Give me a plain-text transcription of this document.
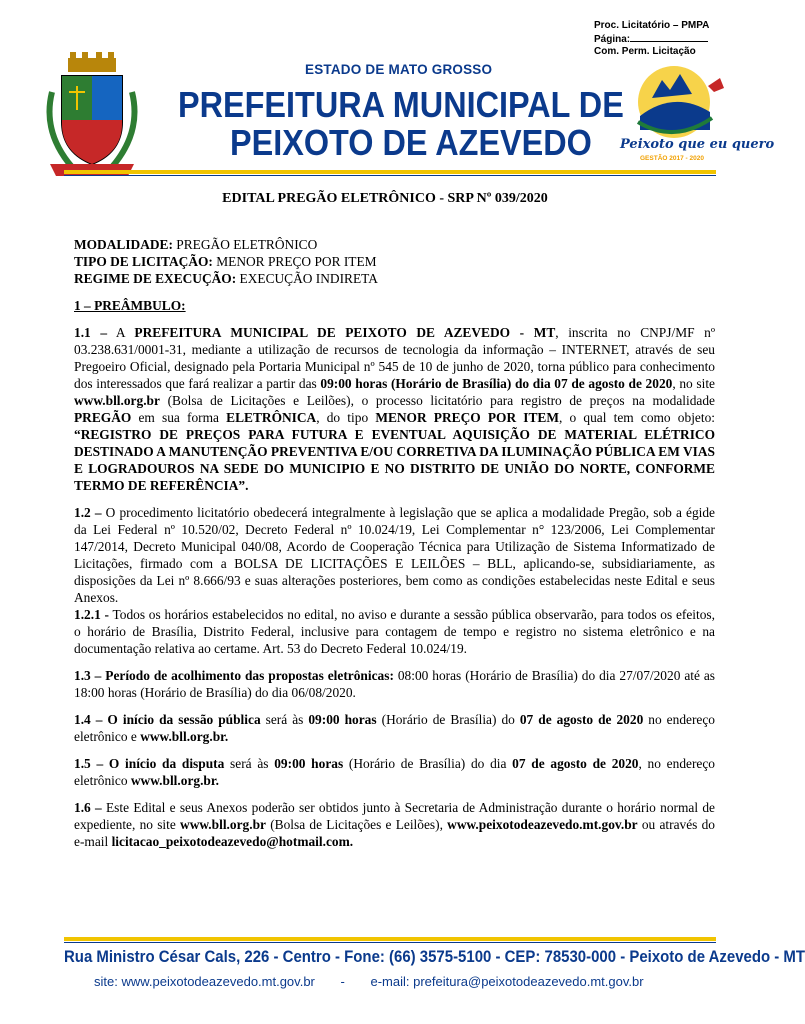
Proc. Licitatório – PMPA
Página:
Com. Perm. Licitação
Peixoto que eu quero
GESTÃO 2017 - 2020
ESTADO DE MATO GROSSO
PREFEITURA MUNICIPAL DE
PEIXOTO DE AZEVEDO
EDITAL PREGÃO ELETRÔNICO - SRP Nº 039/2020

MODALIDADE: PREGÃO ELETRÔNICO

TIPO DE LICITAÇÃO: MENOR PREÇO POR ITEM

REGIME DE EXECUÇÃO: EXECUÇÃO INDIRETA

1 – PREÂMBULO:

1.1 – A PREFEITURA MUNICIPAL DE PEIXOTO DE AZEVEDO - MT, inscrita no CNPJ/MF nº 03.238.631/0001-31, mediante a utilização de recursos de tecnologia da informação – INTERNET, através de seu Pregoeiro Oficial, designado pela Portaria Municipal nº 545 de 10 de junho de 2020, torna público para conhecimento dos interessados que fará realizar a partir das 09:00 horas (Horário de Brasília) do dia 07 de agosto de 2020, no site www.bll.org.br (Bolsa de Licitações e Leilões), o processo licitatório para registro de preços na modalidade PREGÃO em sua forma ELETRÔNICA, do tipo MENOR PREÇO POR ITEM, o qual tem como objeto: “REGISTRO DE PREÇOS PARA FUTURA E EVENTUAL AQUISIÇÃO DE MATERIAL ELÉTRICO DESTINADO A MANUTENÇÃO PREVENTIVA E/OU CORRETIVA DA ILUMINAÇÃO PÚBLICA EM VIAS E LOGRADOUROS NA SEDE DO MUNICIPIO E NO DISTRITO DE UNIÃO DO NORTE, CONFORME TERMO DE REFERÊNCIA”.

1.2 – O procedimento licitatório obedecerá integralmente à legislação que se aplica a modalidade Pregão, sob a égide da Lei Federal nº 10.520/02, Decreto Federal nº 10.024/19, Lei Complementar n° 123/2006, Lei Complementar 147/2014, Decreto Municipal 040/08, Acordo de Cooperação Técnica para Utilização de Sistema Informatizado de Licitações, firmado com a BOLSA DE LICITAÇÕES E LEILÕES – BLL, aplicando-se, subsidiariamente, as disposições da Lei nº 8.666/93 e suas alterações posteriores, bem como as condições estabelecidas neste Edital e seus Anexos.

1.2.1 - Todos os horários estabelecidos no edital, no aviso e durante a sessão pública observarão, para todos os efeitos, o horário de Brasília, Distrito Federal, inclusive para contagem de tempo e registro no sistema eletrônico e na documentação relativa ao certame. Art. 53 do Decreto Federal 10.024/19.

1.3 – Período de acolhimento das propostas eletrônicas: 08:00 horas (Horário de Brasília) do dia 27/07/2020 até as 18:00 horas (Horário de Brasília) do dia 06/08/2020.

1.4 – O início da sessão pública será às 09:00 horas (Horário de Brasília) do 07 de agosto de 2020 no endereço eletrônico e www.bll.org.br.

1.5 – O início da disputa será às 09:00 horas (Horário de Brasília) do dia 07 de agosto de 2020, no endereço eletrônico www.bll.org.br.

1.6 – Este Edital e seus Anexos poderão ser obtidos junto à Secretaria de Administração durante o horário normal de expediente, no site www.bll.org.br (Bolsa de Licitações e Leilões), www.peixotodeazevedo.mt.gov.br ou através do e-mail licitacao_peixotodeazevedo@hotmail.com.

Rua Ministro César Cals, 226 - Centro - Fone: (66) 3575-5100 - CEP: 78530-000 - Peixoto de Azevedo - MT
site: www.peixotodeazevedo.mt.gov.br - e-mail: prefeitura@peixotodeazevedo.mt.gov.br
